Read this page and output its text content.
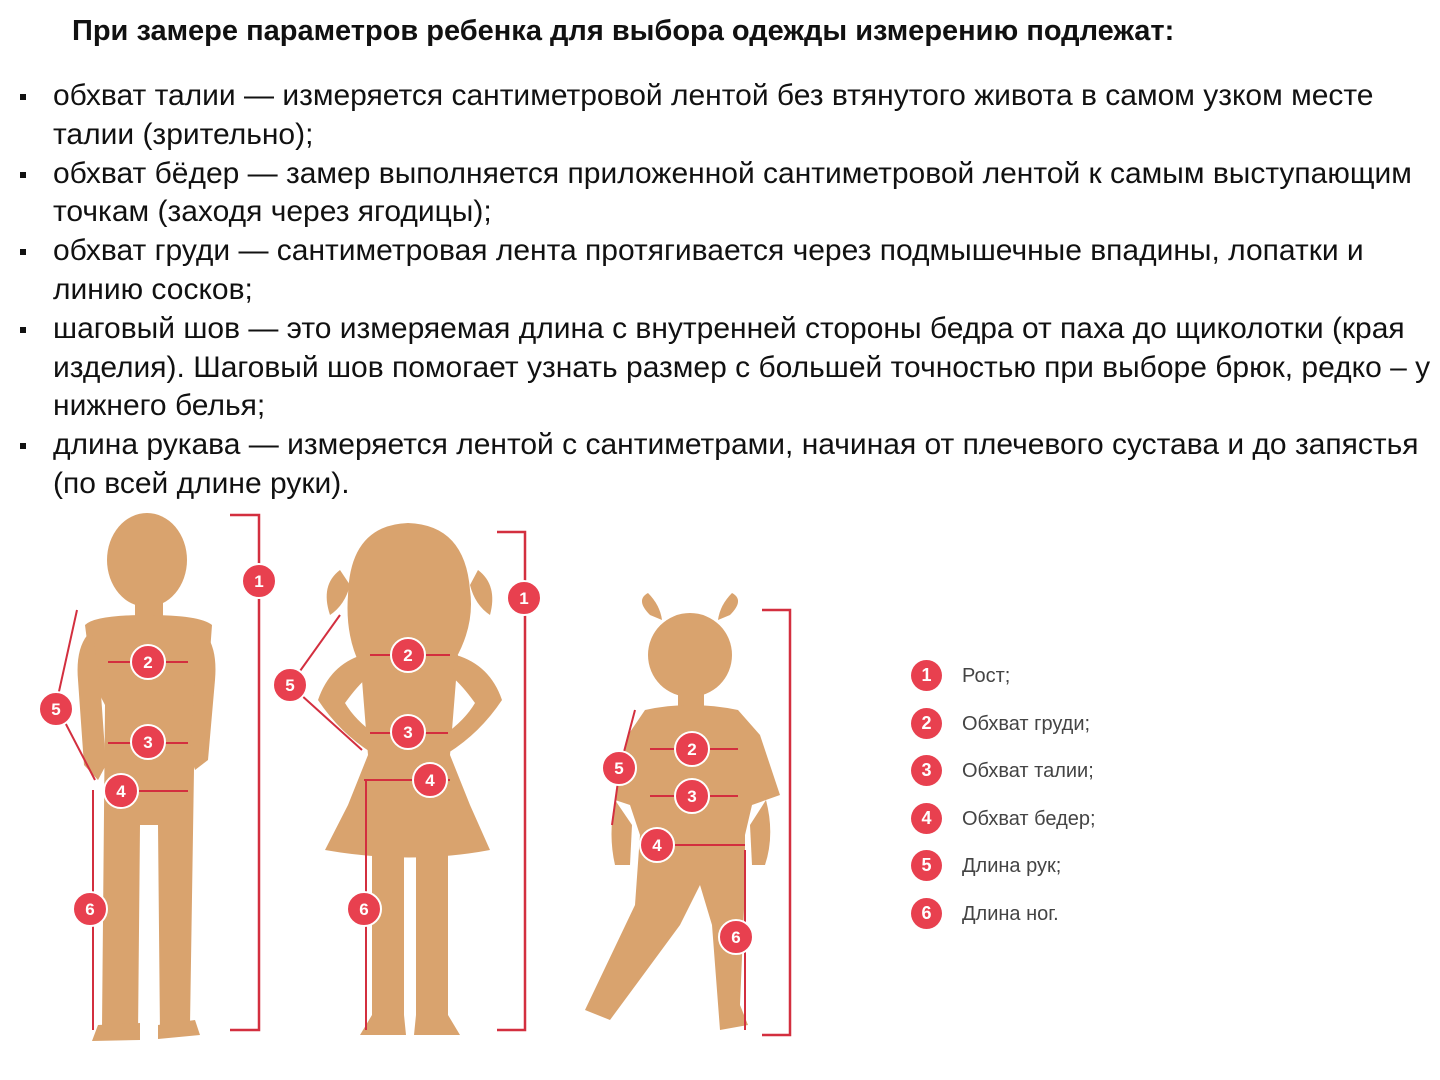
При замере параметров ребенка для выбора одежды измерению подлежат:
обхват талии — измеряется сантиметровой лентой без втянутого живота в самом узком месте талии (зрительно);
обхват бёдер — замер выполняется приложенной сантиметровой лентой к самым выступающим точкам (заходя через ягодицы);
обхват груди — сантиметровая лента протягивается через подмышечные впадины, лопатки и линию сосков;
шаговый шов — это измеряемая длина с внутренней стороны бедра от паха до щиколотки (края изделия). Шаговый шов помогает узнать размер с большей точностью при выборе брюк, редко – у нижнего белья;
длина рукава — измеряется лентой с сантиметрами, начиная от плечевого сустава и до запястья (по всей длине руки).
1
2
3
4
5
6
1
2
3
4
5
6
2
3
4
5
6
1	Рост;
2	Обхват груди;
3	Обхват талии;
4	Обхват бедер;
5	Длина рук;
6	Длина ног.
